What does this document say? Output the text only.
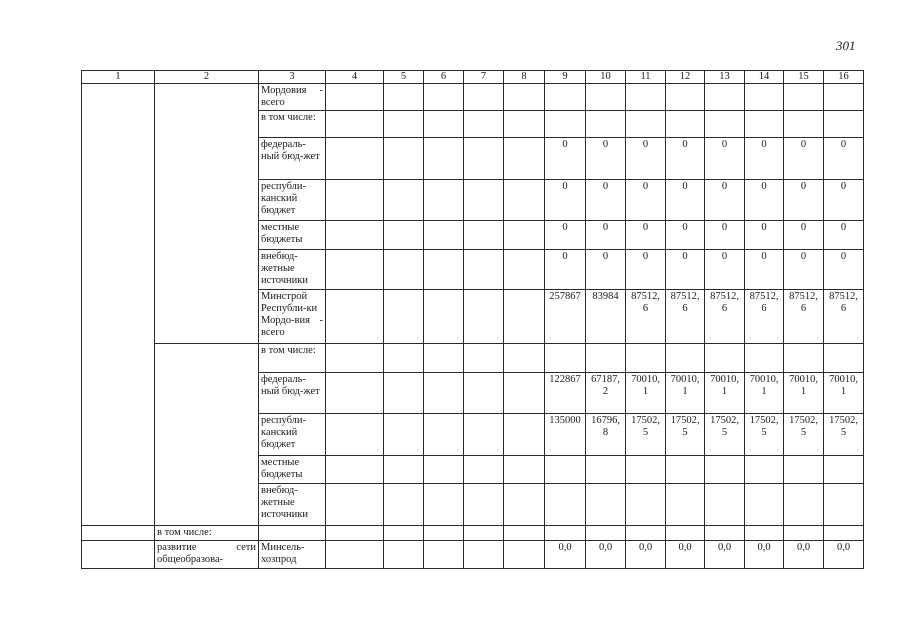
301
1	2	3	4	5	6	7	8	9	10	11	12	13	14	15	16
		Мордовия - всего													
		в том числе:													
		федераль-ный бюд-жет						0	0	0	0	0	0	0	0
		республи-канский бюджет						0	0	0	0	0	0	0	0
		местные бюджеты						0	0	0	0	0	0	0	0
		внебюд-жетные источники						0	0	0	0	0	0	0	0
		Минстрой Республи-ки Мордо-вия - всего						257867	83984	87512, 6	87512, 6	87512, 6	87512, 6	87512, 6	87512, 6
		в том числе:													
		федераль-ный бюд-жет						122867	67187, 2	70010, 1	70010, 1	70010, 1	70010, 1	70010, 1	70010, 1
		республи-канский бюджет						135000	16796, 8	17502, 5	17502, 5	17502, 5	17502, 5	17502, 5	17502, 5
		местные бюджеты													
		внебюд-жетные источники													
	в том числе:														
	развитие сети общеобразова-	Минсель-хозпрод						0,0	0,0	0,0	0,0	0,0	0,0	0,0	0,0
